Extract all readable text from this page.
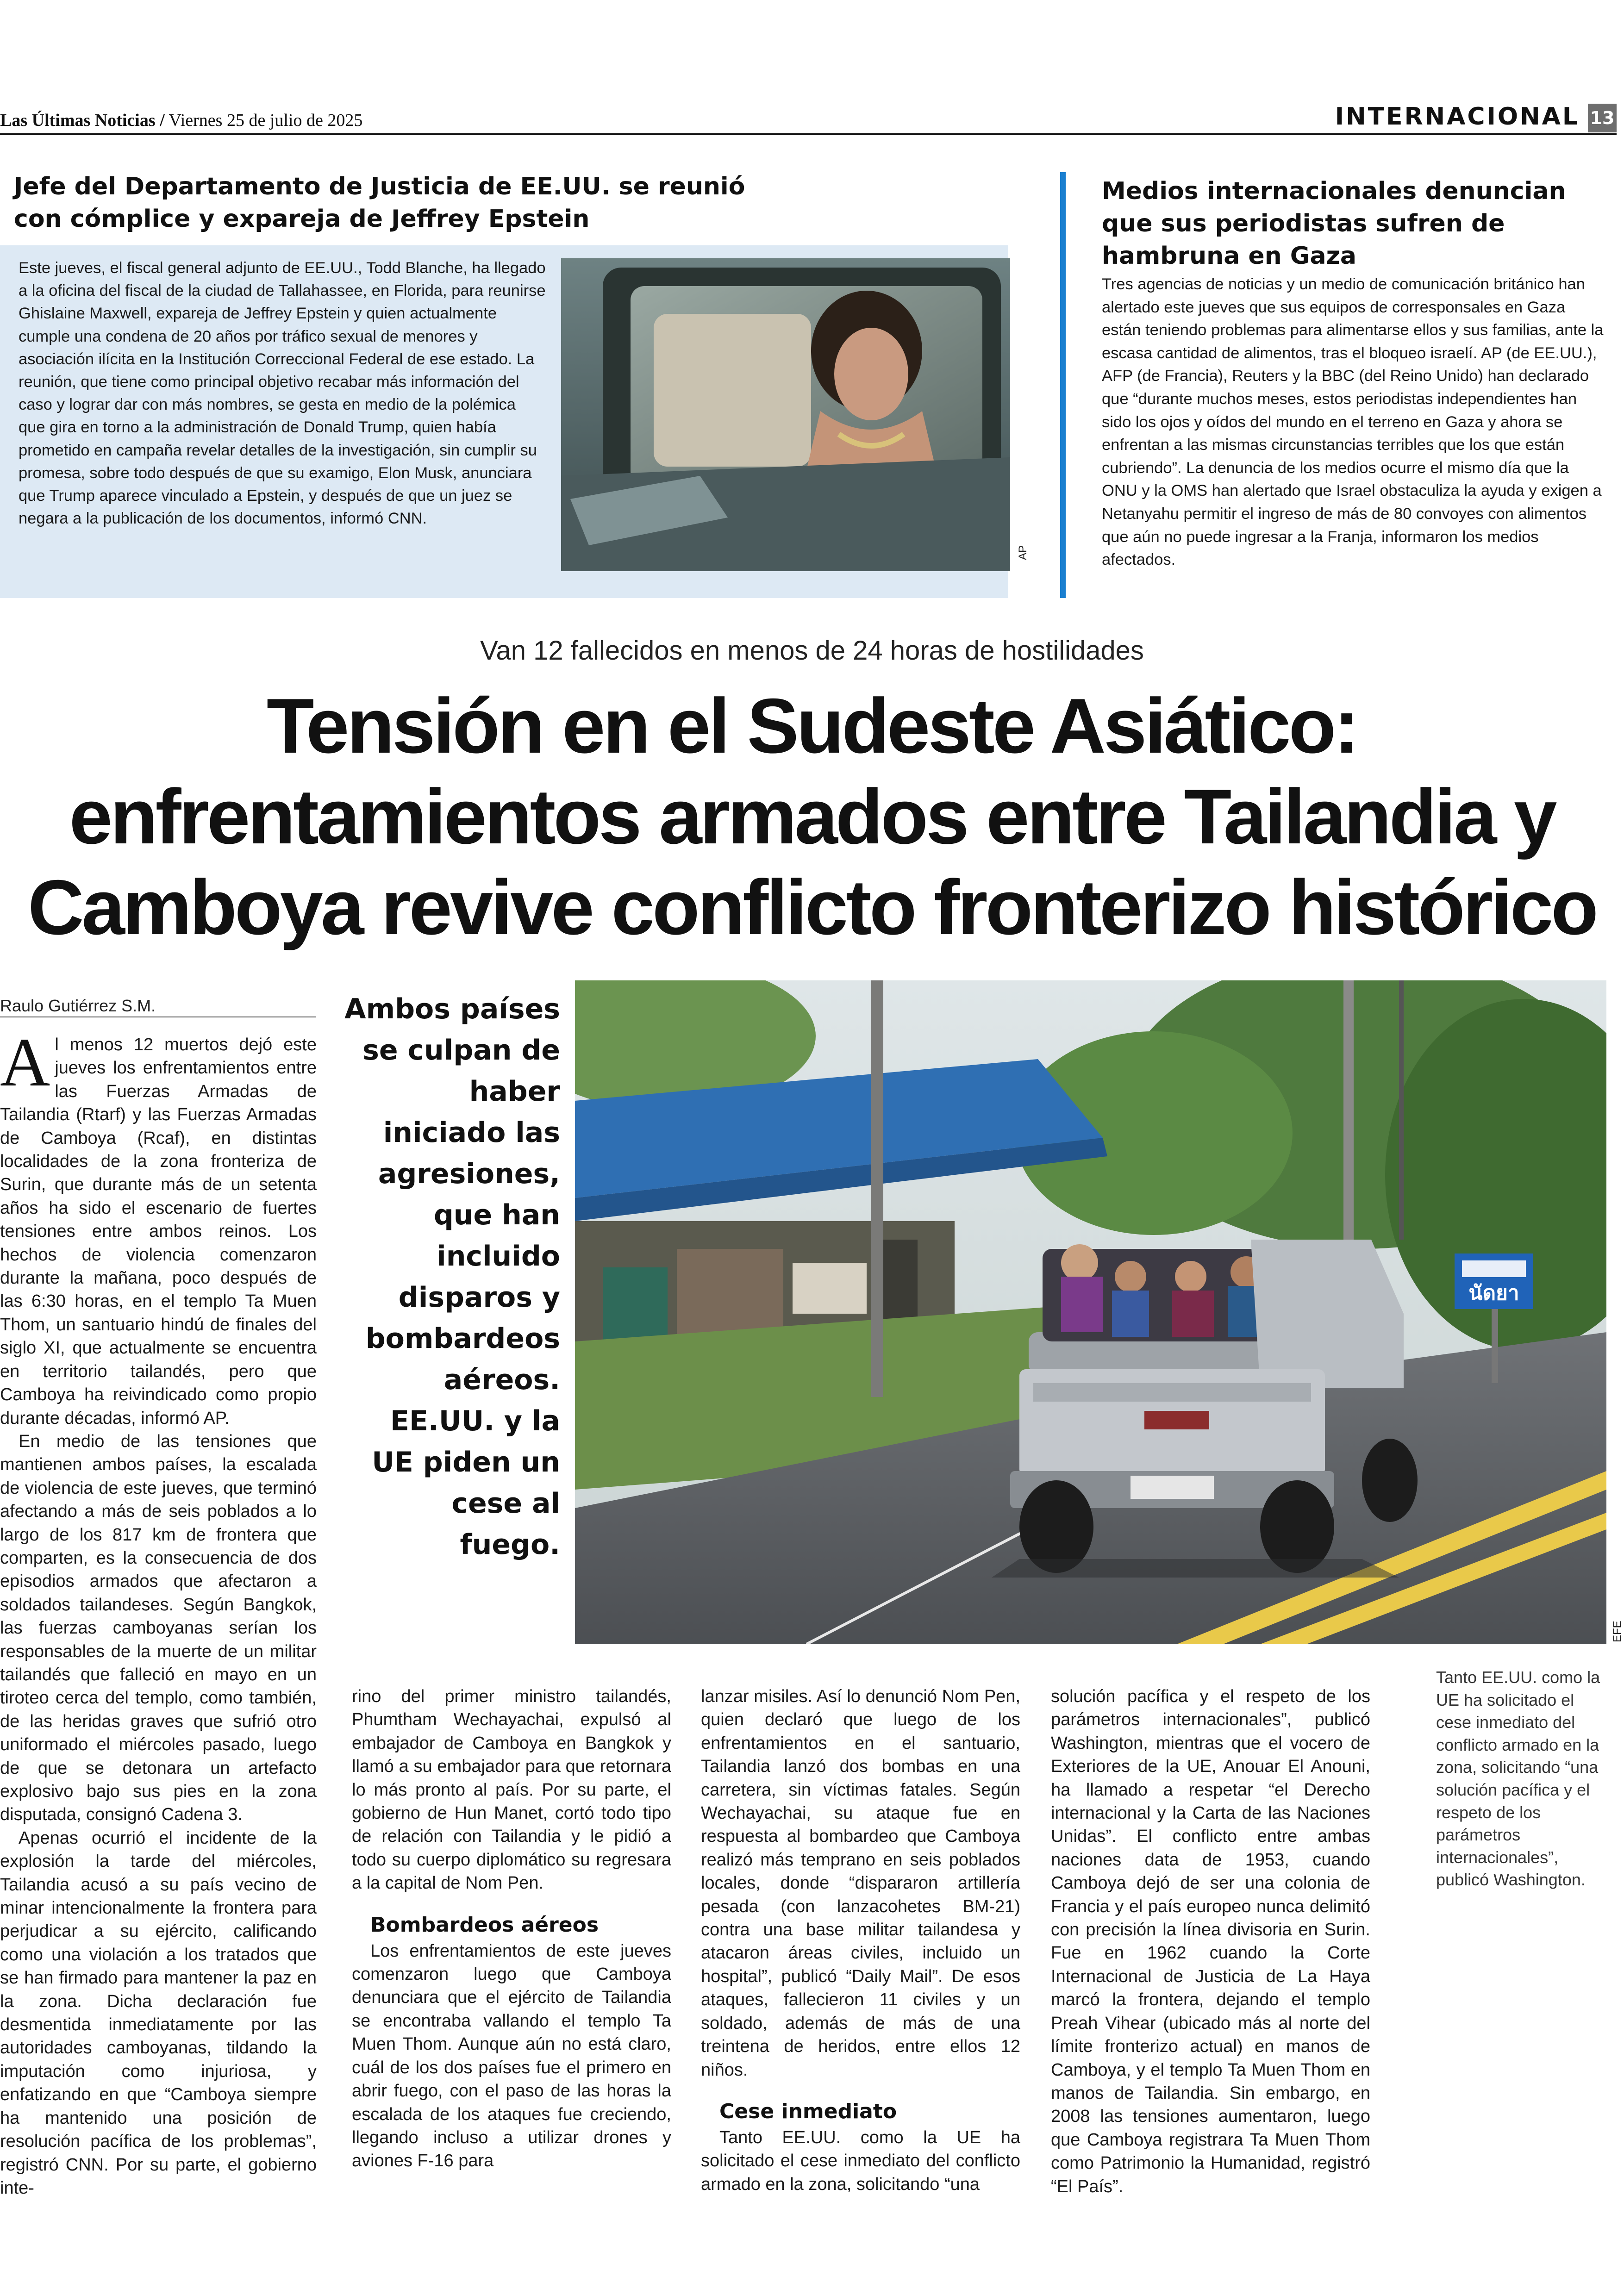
Las Últimas Noticias / Viernes 25 de julio de 2025	INTERNACIONAL 13
Jefe del Departamento de Justicia de EE.UU. se reunió con cómplice y expareja de Jeffrey Epstein

Este jueves, el fiscal general adjunto de EE.UU., Todd Blanche, ha llegado a la oficina del fiscal de la ciudad de Tallahassee, en Florida, para reunirse Ghislaine Maxwell, expareja de Jeffrey Epstein y quien actualmente cumple una condena de 20 años por tráfico sexual de menores y asociación ilícita en la Institución Correccional Federal de ese estado. La reunión, que tiene como principal objetivo recabar más información del caso y lograr dar con más nombres, se gesta en medio de la polémica que gira en torno a la administración de Donald Trump, quien había prometido en campaña revelar detalles de la investigación, sin cumplir su promesa, sobre todo después de que su examigo, Elon Musk, anunciara que Trump aparece vinculado a Epstein, y después de que un juez se negara a la publicación de los documentos, informó CNN.

AP
Medios internacionales denuncian que sus periodistas sufren de hambruna en Gaza

Tres agencias de noticias y un medio de comunicación británico han alertado este jueves que sus equipos de corresponsales en Gaza están teniendo problemas para alimentarse ellos y sus familias, ante la escasa cantidad de alimentos, tras el bloqueo israelí. AP (de EE.UU.), AFP (de Francia), Reuters y la BBC (del Reino Unido) han declarado que “durante muchos meses, estos periodistas independientes han sido los ojos y oídos del mundo en el terreno en Gaza y ahora se enfrentan a las mismas circunstancias terribles que los que están cubriendo”. La denuncia de los medios ocurre el mismo día que la ONU y la OMS han alertado que Israel obstaculiza la ayuda y exigen a Netanyahu permitir el ingreso de más de 80 convoyes con alimentos que aún no puede ingresar a la Franja, informaron los medios afectados.

Van 12 fallecidos en menos de 24 horas de hostilidades
Tensión en el Sudeste Asiático:
enfrentamientos armados entre Tailandia y
Camboya revive conflicto fronterizo histórico
Raulo Gutiérrez S.M.

Al menos 12 muertos dejó este jueves los enfrentamientos entre las Fuerzas Armadas de Tailandia (Rtarf) y las Fuerzas Armadas de Camboya (Rcaf), en distintas localidades de la zona fronteriza de Surin, que durante más de un setenta años ha sido el escenario de fuertes tensiones entre ambos reinos. Los hechos de violencia comenzaron durante la mañana, poco después de las 6:30 horas, en el templo Ta Muen Thom, un santuario hindú de finales del siglo XI, que actualmente se encuentra en territorio tailandés, pero que Camboya ha reivindicado como propio durante décadas, informó AP.

En medio de las tensiones que mantienen ambos países, la escalada de violencia de este jueves, que terminó afectando a más de seis poblados a lo largo de los 817 km de frontera que comparten, es la consecuencia de dos episodios armados que afectaron a soldados tailandeses. Según Bangkok, las fuerzas camboyanas serían los responsables de la muerte de un militar tailandés que falleció en mayo en un tiroteo cerca del templo, como también, de las heridas graves que sufrió otro uniformado el miércoles pasado, luego de que se detonara un artefacto explosivo bajo sus pies en la zona disputada, consignó Cadena 3.

Apenas ocurrió el incidente de la explosión la tarde del miércoles, Tailandia acusó a su país vecino de minar intencionalmente la frontera para perjudicar a su ejército, calificando como una violación a los tratados que se han firmado para mantener la paz en la zona. Dicha declaración fue desmentida inmediatamente por las autoridades camboyanas, tildando la imputación como injuriosa, y enfatizando en que “Camboya siempre ha mantenido una posición de resolución pacífica de los problemas”, registró CNN. Por su parte, el gobierno inte-

Ambos países se culpan de haber iniciado las agresiones, que han incluido disparos y bombardeos aéreos. EE.UU. y la UE piden un cese al fuego.
นัดยา
EFE
Tanto EE.UU. como la UE ha solicitado el cese inmediato del conflicto armado en la zona, solicitando “una solución pacífica y el respeto de los parámetros internacionales”, publicó Washington.

rino del primer ministro tailandés, Phumtham Wechayachai, expulsó al embajador de Camboya en Bangkok y llamó a su embajador para que retornara lo más pronto al país. Por su parte, el gobierno de Hun Manet, cortó todo tipo de relación con Tailandia y le pidió a todo su cuerpo diplomático su regresara a la capital de Nom Pen.

Bombardeos aéreos

Los enfrentamientos de este jueves comenzaron luego que Camboya denunciara que el ejército de Tailandia se encontraba vallando el templo Ta Muen Thom. Aunque aún no está claro, cuál de los dos países fue el primero en abrir fuego, con el paso de las horas la escalada de los ataques fue creciendo, llegando incluso a utilizar drones y aviones F-16 para

lanzar misiles. Así lo denunció Nom Pen, quien declaró que luego de los enfrentamientos en el santuario, Tailandia lanzó dos bombas en una carretera, sin víctimas fatales. Según Wechayachai, su ataque fue en respuesta al bombardeo que Camboya realizó más temprano en seis poblados locales, donde “dispararon artillería pesada (con lanzacohetes BM-21) contra una base militar tailandesa y atacaron áreas civiles, incluido un hospital”, publicó “Daily Mail”. De esos ataques, fallecieron 11 civiles y un soldado, además de más de una treintena de heridos, entre ellos 12 niños.

Cese inmediato

Tanto EE.UU. como la UE ha solicitado el cese inmediato del conflicto armado en la zona, solicitando “una

solución pacífica y el respeto de los parámetros internacionales”, publicó Washington, mientras que el vocero de Exteriores de la UE, Anouar El Anouni, ha llamado a respetar “el Derecho internacional y la Carta de las Naciones Unidas”. El conflicto entre ambas naciones data de 1953, cuando Camboya dejó de ser una colonia de Francia y el país europeo nunca delimitó con precisión la línea divisoria en Surin. Fue en 1962 cuando la Corte Internacional de Justicia de La Haya marcó la frontera, dejando el templo Preah Vihear (ubicado más al norte del límite fronterizo actual) en manos de Camboya, y el templo Ta Muen Thom en manos de Tailandia. Sin embargo, en 2008 las tensiones aumentaron, luego que Camboya registrara Ta Muen Thom como Patrimonio la Humanidad, registró “El País”.
